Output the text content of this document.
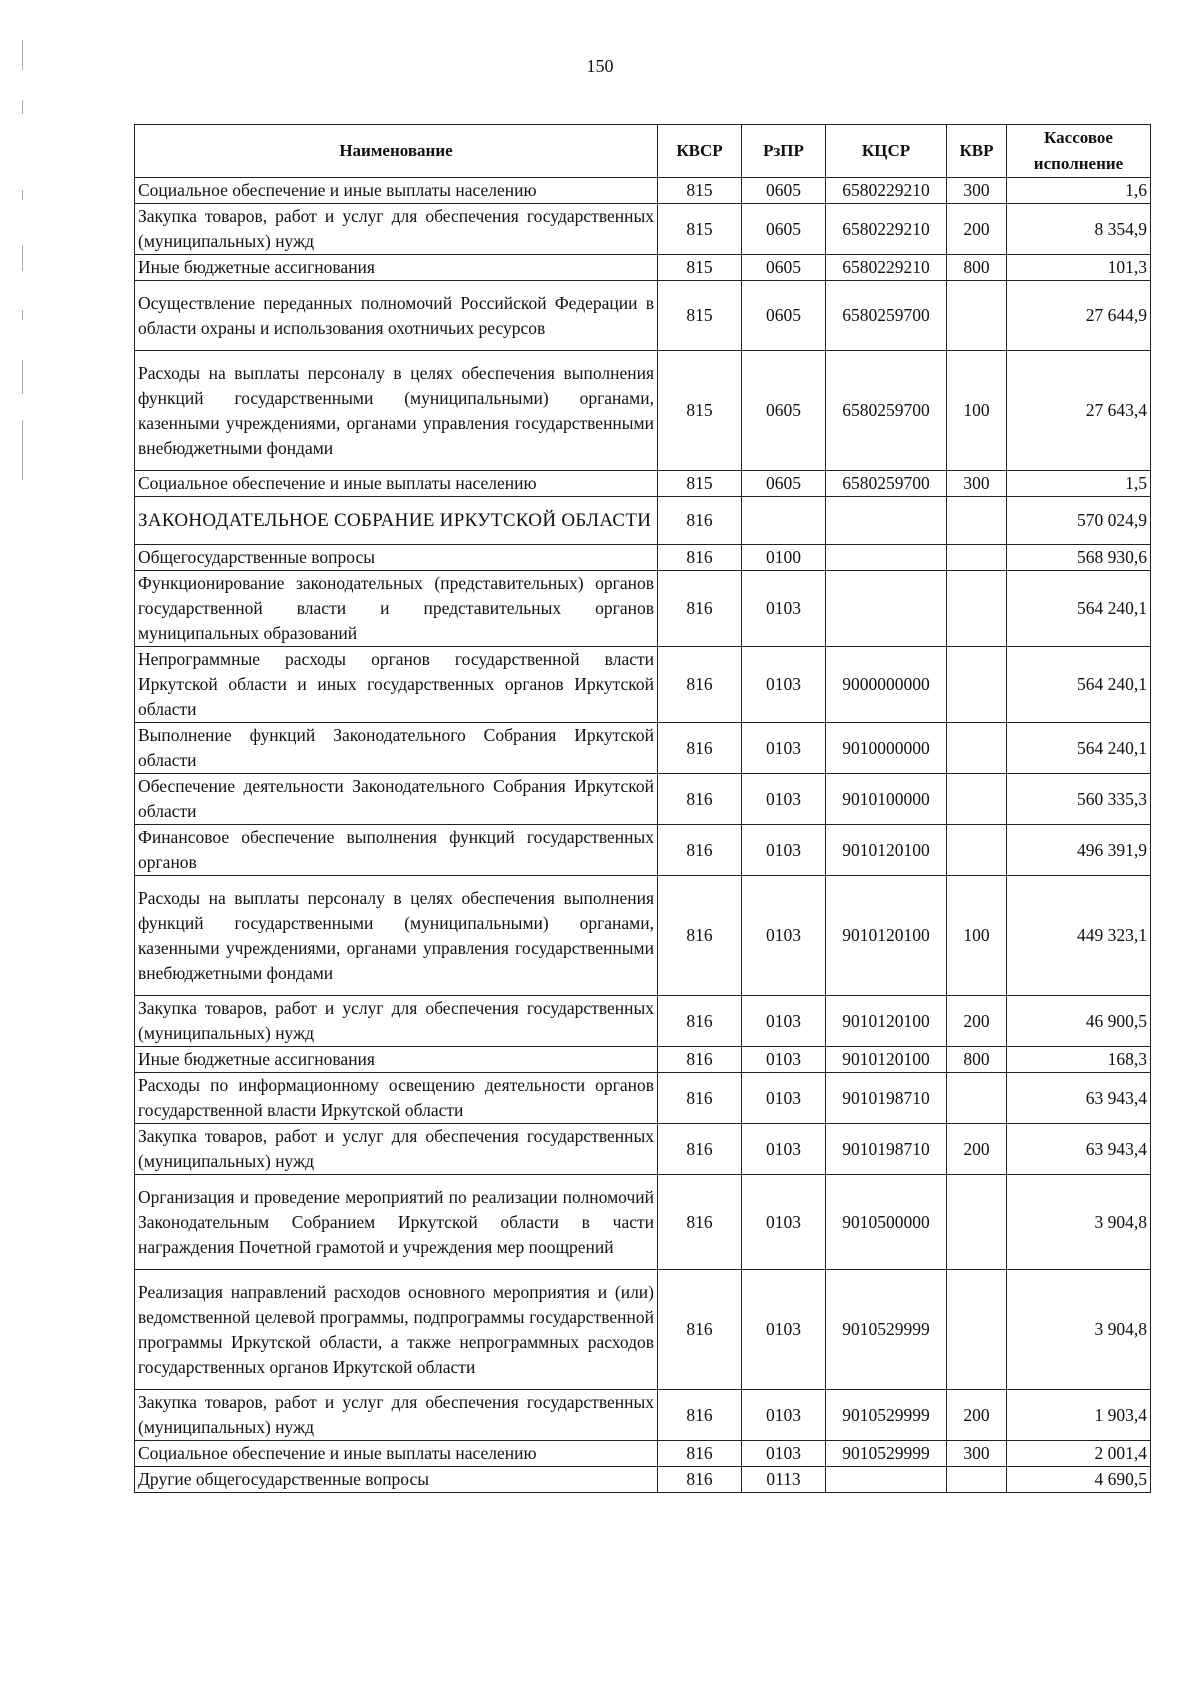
150
Наименование	КВСР	РзПР	КЦСР	КВР	Кассовое исполнение
Социальное обеспечение и иные выплаты населению	815	0605	6580229210	300	1,6
Закупка товаров, работ и услуг для обеспечения государственных (муниципальных) нужд	815	0605	6580229210	200	8 354,9
Иные бюджетные ассигнования	815	0605	6580229210	800	101,3
Осуществление переданных полномочий Российской Федерации в области охраны и использования охотничьих ресурсов	815	0605	6580259700		27 644,9
Расходы на выплаты персоналу в целях обеспечения выполнения функций государственными (муниципальными) органами, казенными учреждениями, органами управления государственными внебюджетными фондами	815	0605	6580259700	100	27 643,4
Социальное обеспечение и иные выплаты населению	815	0605	6580259700	300	1,5
ЗАКОНОДАТЕЛЬНОЕ СОБРАНИЕ ИРКУТСКОЙ ОБЛАСТИ	816				570 024,9
Общегосударственные вопросы	816	0100			568 930,6
Функционирование законодательных (представительных) органов государственной власти и представительных органов муниципальных образований	816	0103			564 240,1
Непрограммные расходы органов государственной власти Иркутской области и иных государственных органов Иркутской области	816	0103	9000000000		564 240,1
Выполнение функций Законодательного Собрания Иркутской области	816	0103	9010000000		564 240,1
Обеспечение деятельности Законодательного Собрания Иркутской области	816	0103	9010100000		560 335,3
Финансовое обеспечение выполнения функций государственных органов	816	0103	9010120100		496 391,9
Расходы на выплаты персоналу в целях обеспечения выполнения функций государственными (муниципальными) органами, казенными учреждениями, органами управления государственными внебюджетными фондами	816	0103	9010120100	100	449 323,1
Закупка товаров, работ и услуг для обеспечения государственных (муниципальных) нужд	816	0103	9010120100	200	46 900,5
Иные бюджетные ассигнования	816	0103	9010120100	800	168,3
Расходы по информационному освещению деятельности органов государственной власти Иркутской области	816	0103	9010198710		63 943,4
Закупка товаров, работ и услуг для обеспечения государственных (муниципальных) нужд	816	0103	9010198710	200	63 943,4
Организация и проведение мероприятий по реализации полномочий Законодательным Собранием Иркутской области в части награждения Почетной грамотой и учреждения мер поощрений	816	0103	9010500000		3 904,8
Реализация направлений расходов основного мероприятия и (или) ведомственной целевой программы, подпрограммы государственной программы Иркутской области, а также непрограммных расходов государственных органов Иркутской области	816	0103	9010529999		3 904,8
Закупка товаров, работ и услуг для обеспечения государственных (муниципальных) нужд	816	0103	9010529999	200	1 903,4
Социальное обеспечение и иные выплаты населению	816	0103	9010529999	300	2 001,4
Другие общегосударственные вопросы	816	0113			4 690,5
